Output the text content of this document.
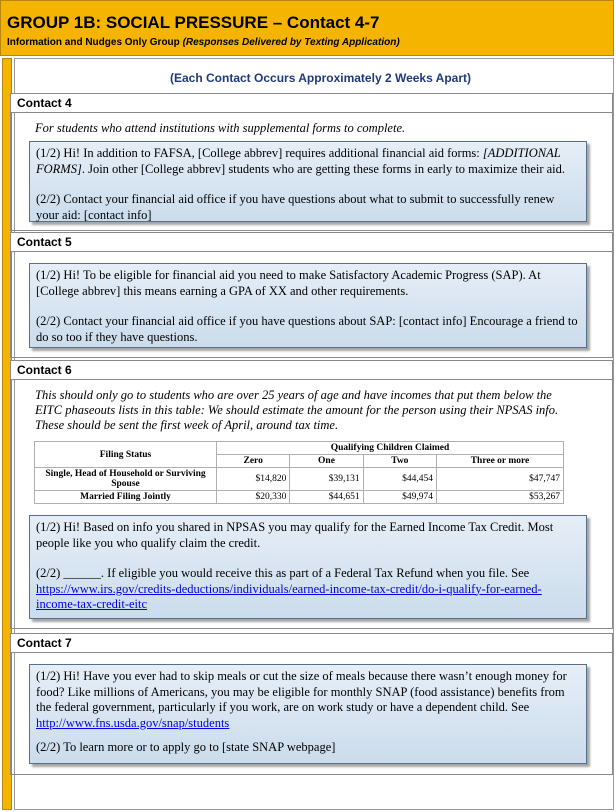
GROUP 1B: SOCIAL PRESSURE – Contact 4-7
Information and Nudges Only Group (Responses Delivered by Texting Application)
(Each Contact Occurs Approximately 2 Weeks Apart)
Contact 4
For students who attend institutions with supplemental forms to complete.

(1/2) Hi! In addition to FAFSA, [College abbrev] requires additional financial aid forms: [ADDITIONAL FORMS]. Join other [College abbrev] students who are getting these forms in early to maximize their aid.

(2/2) Contact your financial aid office if you have questions about what to submit to successfully renew your aid: [contact info]

Contact 5

(1/2) Hi! To be eligible for financial aid you need to make Satisfactory Academic Progress (SAP). At [College abbrev] this means earning a GPA of XX and other requirements.

(2/2) Contact your financial aid office if you have questions about SAP: [contact info] Encourage a friend to do so too if they have questions.

Contact 6
This should only go to students who are over 25 years of age and have incomes that put them below the EITC phaseouts lists in this table: We should estimate the amount for the person using their NPSAS info. These should be sent the first week of April, around tax time.
Filing Status	Qualifying Children Claimed			
	Zero	One	Two	Three or more
Single, Head of Household or Surviving Spouse	$14,820	$39,131	$44,454	$47,747
Married Filing Jointly	$20,330	$44,651	$49,974	$53,267

(1/2) Hi! Based on info you shared in NPSAS you may qualify for the Earned Income Tax Credit. Most people like you who qualify claim the credit.

(2/2) ______. If eligible you would receive this as part of a Federal Tax Refund when you file. See https://www.irs.gov/credits-deductions/individuals/earned-income-tax-credit/do-i-qualify-for-earned-income-tax-credit-eitc

Contact 7

(1/2) Hi! Have you ever had to skip meals or cut the size of meals because there wasn’t enough money for food? Like millions of Americans, you may be eligible for monthly SNAP (food assistance) benefits from the federal government, particularly if you work, are on work study or have a dependent child. See http://www.fns.usda.gov/snap/students

(2/2) To learn more or to apply go to [state SNAP webpage]
